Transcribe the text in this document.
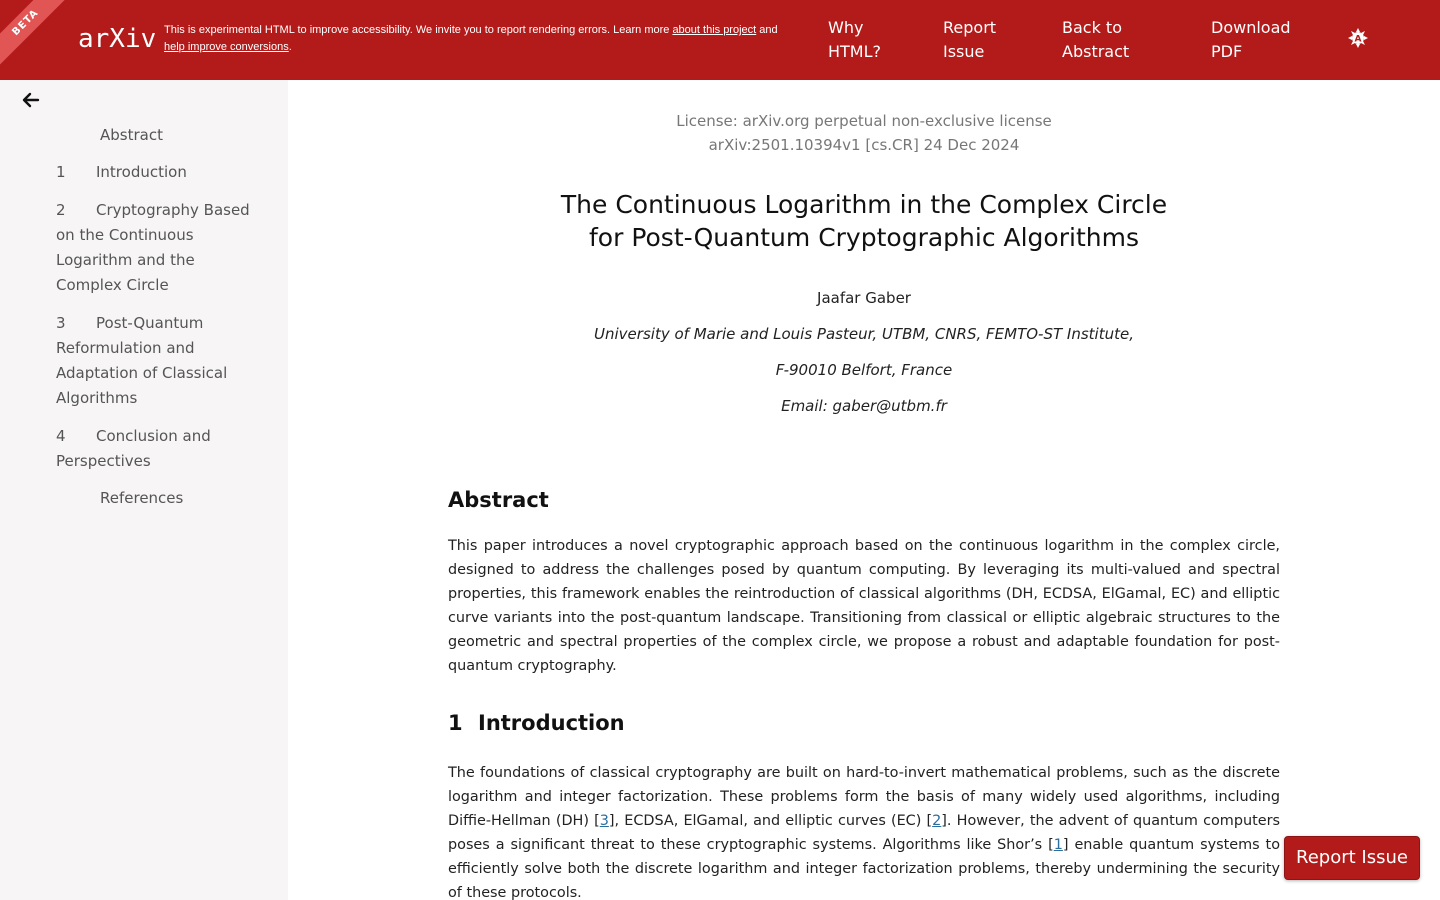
BETA
arXiv This is experimental HTML to improve accessibility. We invite you to report rendering errors. Learn more about this project and
help improve conversions.
Why HTML?
Report Issue
Back to Abstract
Download PDF
A
Abstract
1 Introduction
2 Cryptography Based on the Continuous Logarithm and the Complex Circle
3 Post-Quantum Reformulation and Adaptation of Classical Algorithms
4 Conclusion and Perspectives
References
License: arXiv.org perpetual non-exclusive license
arXiv:2501.10394v1 [cs.CR] 24 Dec 2024
The Continuous Logarithm in the Complex Circle for Post-Quantum Cryptographic Algorithms
Jaafar Gaber
University of Marie and Louis Pasteur, UTBM, CNRS, FEMTO-ST Institute,
F-90010 Belfort, France
Email: gaber@utbm.fr
Abstract
This paper introduces a novel cryptographic approach based on the continuous logarithm in the complex circle, designed to address the challenges posed by quantum computing. By leveraging its multi-valued and spectral properties, this framework enables the reintroduction of classical algorithms (DH, ECDSA, ElGamal, EC) and elliptic curve variants into the post-quantum landscape. Transitioning from classical or elliptic algebraic structures to the geometric and spectral properties of the complex circle, we propose a robust and adaptable foundation for post-quantum cryptography.
1 Introduction
The foundations of classical cryptography are built on hard-to-invert mathematical problems, such as the discrete logarithm and integer factorization. These problems form the basis of many widely used algorithms, including Diffie-Hellman (DH) [3], ECDSA, ElGamal, and elliptic curves (EC) [2]. However, the advent of quantum computers poses a significant threat to these cryptographic systems. Algorithms like Shor’s [1] enable quantum systems to efficiently solve both the discrete logarithm and integer factorization problems, thereby undermining the security of these protocols.
Report Issue
